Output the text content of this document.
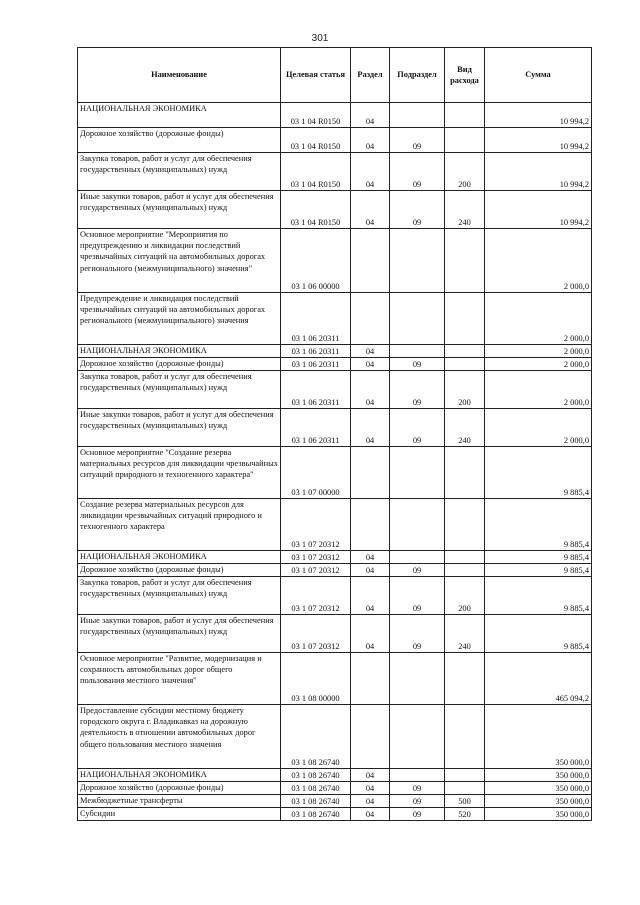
301
Наименование	Целевая статья	Раздел	Подраздел	Вид расхода	Сумма
НАЦИОНАЛЬНАЯ ЭКОНОМИКА	03 1 04 R0150	04			10 994,2
Дорожное хозяйство (дорожные фонды)	03 1 04 R0150	04	09		10 994,2
Закупка товаров, работ и услуг для обеспечения государственных (муниципальных) нужд	03 1 04 R0150	04	09	200	10 994,2
Иные закупки товаров, работ и услуг для обеспечения государственных (муниципальных) нужд	03 1 04 R0150	04	09	240	10 994,2
Основное мероприятие "Мероприятия по предупреждению и ликвидации последствий чрезвычайных ситуаций на автомобильных дорогах регионального (межмуниципального) значения"	03 1 06 00000				2 000,0
Предупреждение и ликвидация последствий чрезвычайных ситуаций на автомобильных дорогах регионального (межмуниципального) значения	03 1 06 20311				2 000,0
НАЦИОНАЛЬНАЯ ЭКОНОМИКА	03 1 06 20311	04			2 000,0
Дорожное хозяйство (дорожные фонды)	03 1 06 20311	04	09		2 000,0
Закупка товаров, работ и услуг для обеспечения государственных (муниципальных) нужд	03 1 06 20311	04	09	200	2 000,0
Иные закупки товаров, работ и услуг для обеспечения государственных (муниципальных) нужд	03 1 06 20311	04	09	240	2 000,0
Основное мероприятие "Создание резерва материальных ресурсов для ликвидации чрезвычайных ситуаций природного и техногенного характера"	03 1 07 00000				9 885,4
Создание резерва материальных ресурсов для ликвидации чрезвычайных ситуаций природного и техногенного характера	03 1 07 20312				9 885,4
НАЦИОНАЛЬНАЯ ЭКОНОМИКА	03 1 07 20312	04			9 885,4
Дорожное хозяйство (дорожные фонды)	03 1 07 20312	04	09		9 885,4
Закупка товаров, работ и услуг для обеспечения государственных (муниципальных) нужд	03 1 07 20312	04	09	200	9 885,4
Иные закупки товаров, работ и услуг для обеспечения государственных (муниципальных) нужд	03 1 07 20312	04	09	240	9 885,4
Основное мероприятие "Развитие, модернизация и сохранность автомобильных дорог общего пользования местного значения"	03 1 08 00000				465 094,2
Предоставление субсидии местному бюджету городского округа г. Владикавказ на дорожную деятельность в отношении автомобильных дорог общего пользования местного значения	03 1 08 26740				350 000,0
НАЦИОНАЛЬНАЯ ЭКОНОМИКА	03 1 08 26740	04			350 000,0
Дорожное хозяйство (дорожные фонды)	03 1 08 26740	04	09		350 000,0
Межбюджетные трансферты	03 1 08 26740	04	09	500	350 000,0
Субсидии	03 1 08 26740	04	09	520	350 000,0
